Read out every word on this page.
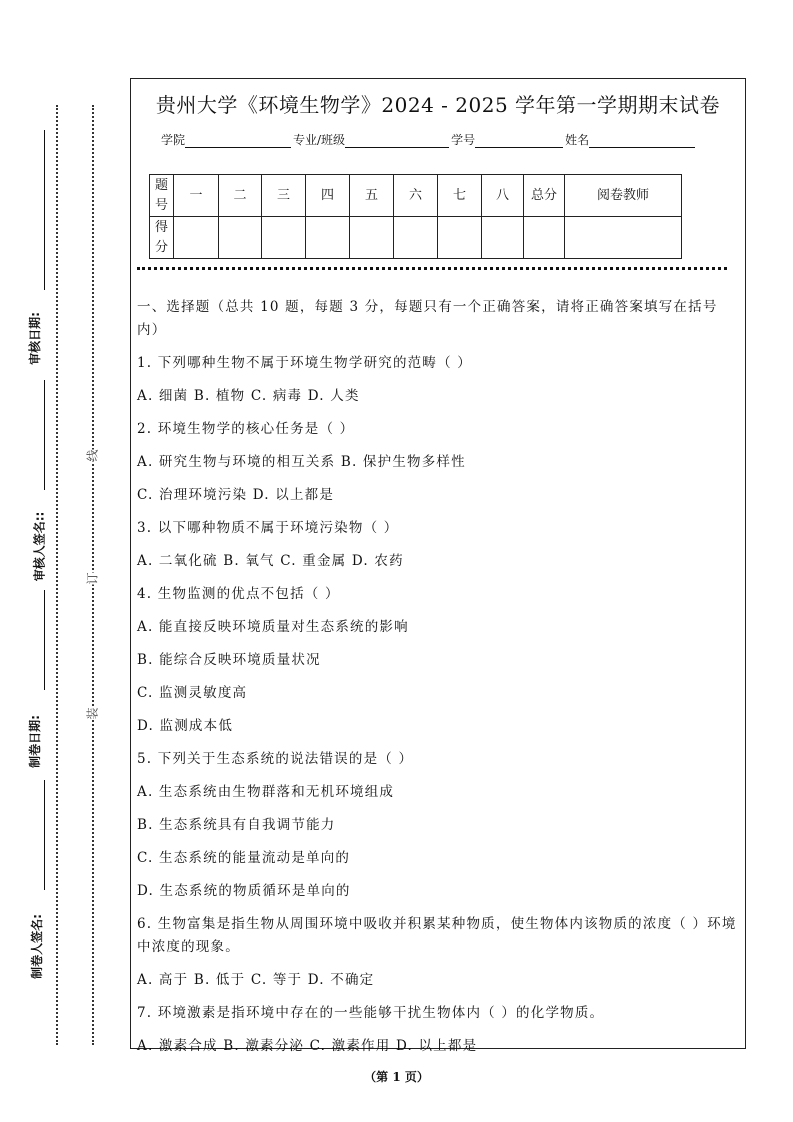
审核日期:
审核人签名::
制卷日期:
制卷人签名:
线
订
装
贵州大学《环境生物学》2024 - 2025 学年第一学期期末试卷
学院	专业/班级	学号	姓名
题号	一	二	三	四	五	六	七	八	总分	阅卷教师
得分										
一、选择题（总共 10 题，每题 3 分，每题只有一个正确答案，请将正确答案填写在括号内）
1. 下列哪种生物不属于环境生物学研究的范畴（ ）
A. 细菌 B. 植物 C. 病毒 D. 人类
2. 环境生物学的核心任务是（ ）
A. 研究生物与环境的相互关系 B. 保护生物多样性
C. 治理环境污染 D. 以上都是
3. 以下哪种物质不属于环境污染物（ ）
A. 二氧化硫 B. 氧气 C. 重金属 D. 农药
4. 生物监测的优点不包括（ ）
A. 能直接反映环境质量对生态系统的影响
B. 能综合反映环境质量状况
C. 监测灵敏度高
D. 监测成本低
5. 下列关于生态系统的说法错误的是（ ）
A. 生态系统由生物群落和无机环境组成
B. 生态系统具有自我调节能力
C. 生态系统的能量流动是单向的
D. 生态系统的物质循环是单向的
6. 生物富集是指生物从周围环境中吸收并积累某种物质，使生物体内该物质的浓度（ ）环境中浓度的现象。
A. 高于 B. 低于 C. 等于 D. 不确定
7. 环境激素是指环境中存在的一些能够干扰生物体内（ ）的化学物质。
A. 激素合成 B. 激素分泌 C. 激素作用 D. 以上都是
（第 1 页）
